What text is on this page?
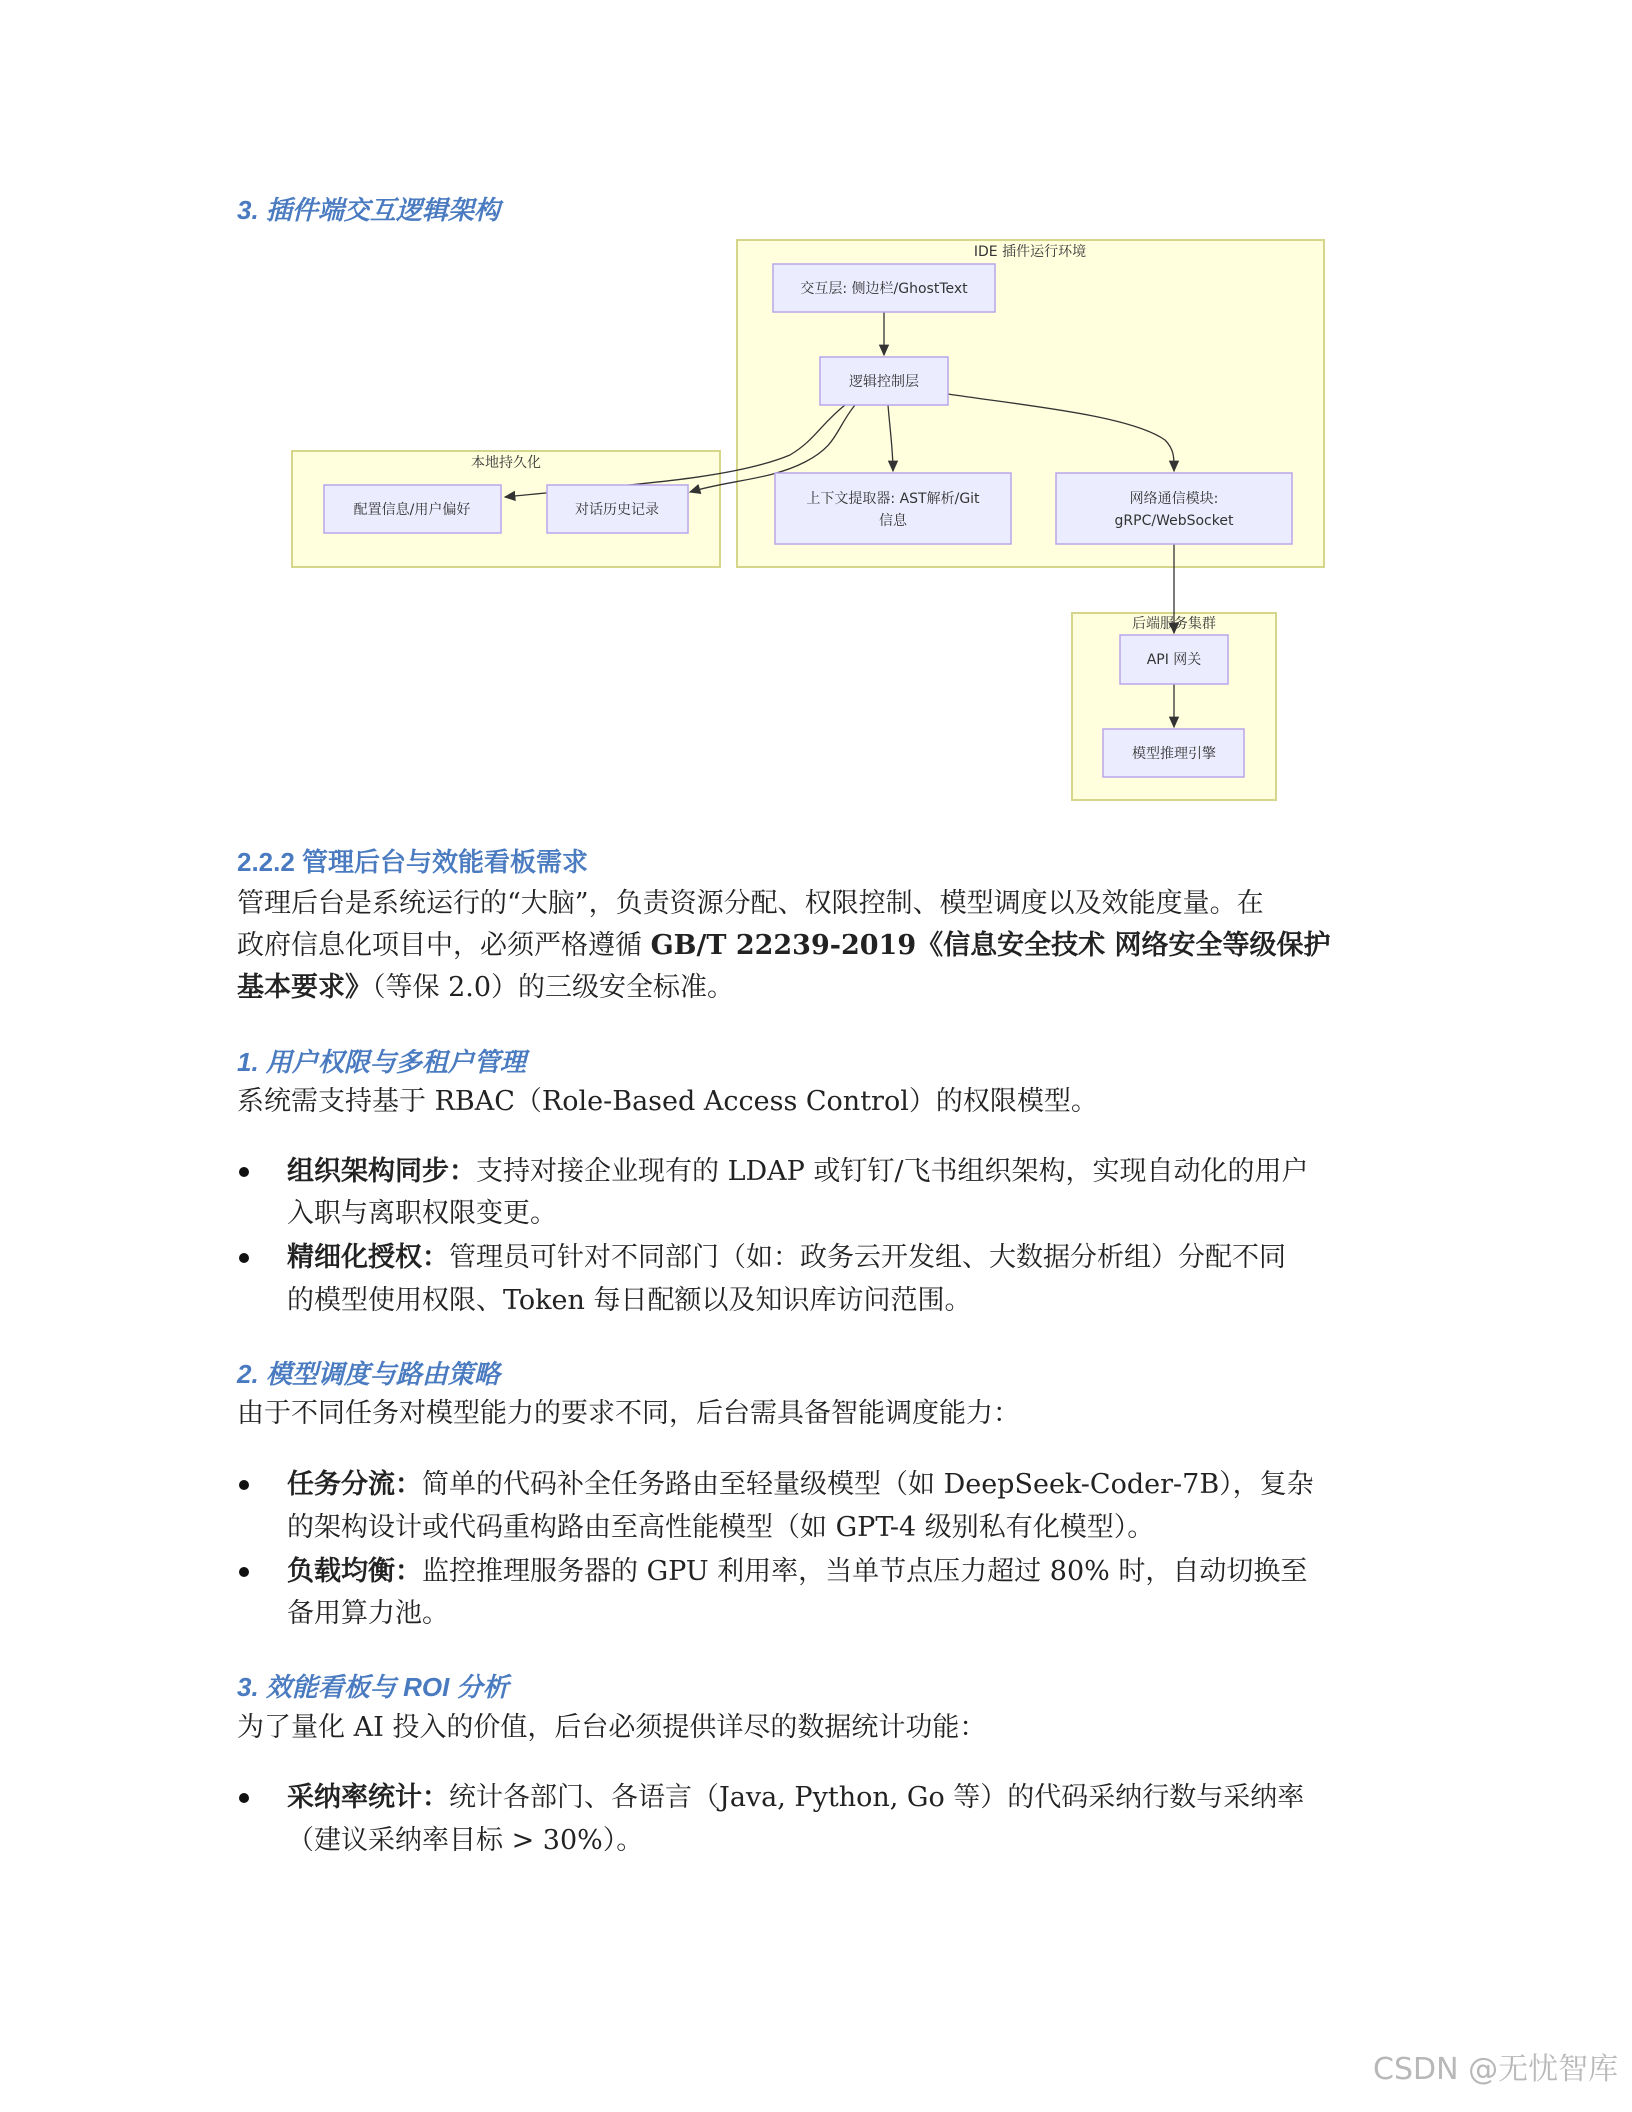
3. 插件端交互逻辑架构
IDE 插件运行环境
本地持久化
后端服务集群
交互层: 侧边栏/GhostText
逻辑控制层
上下文提取器: AST解析/Git
信息
网络通信模块:
gRPC/WebSocket
配置信息/用户偏好	对话历史记录
API 网关
模型推理引擎
2.2.2 管理后台与效能看板需求
管理后台是系统运行的“大脑”，负责资源分配、权限控制、模型调度以及效能度量。在
政府信息化项目中，必须严格遵循 GB/T 22239-2019《信息安全技术 网络安全等级保护
基本要求》（等保 2.0）的三级安全标准。
1. 用户权限与多租户管理
系统需支持基于 RBAC（Role-Based Access Control）的权限模型。
组织架构同步：支持对接企业现有的 LDAP 或钉钉/飞书组织架构，实现自动化的用户
入职与离职权限变更。
精细化授权：管理员可针对不同部门（如：政务云开发组、大数据分析组）分配不同
的模型使用权限、Token 每日配额以及知识库访问范围。
2. 模型调度与路由策略
由于不同任务对模型能力的要求不同，后台需具备智能调度能力：
任务分流：简单的代码补全任务路由至轻量级模型（如 DeepSeek-Coder-7B），复杂
的架构设计或代码重构路由至高性能模型（如 GPT-4 级别私有化模型）。
负载均衡：监控推理服务器的 GPU 利用率，当单节点压力超过 80% 时，自动切换至
备用算力池。
3. 效能看板与 ROI 分析
为了量化 AI 投入的价值，后台必须提供详尽的数据统计功能：
采纳率统计：统计各部门、各语言（Java, Python, Go 等）的代码采纳行数与采纳率
（建议采纳率目标 > 30%）。
CSDN @无忧智库
